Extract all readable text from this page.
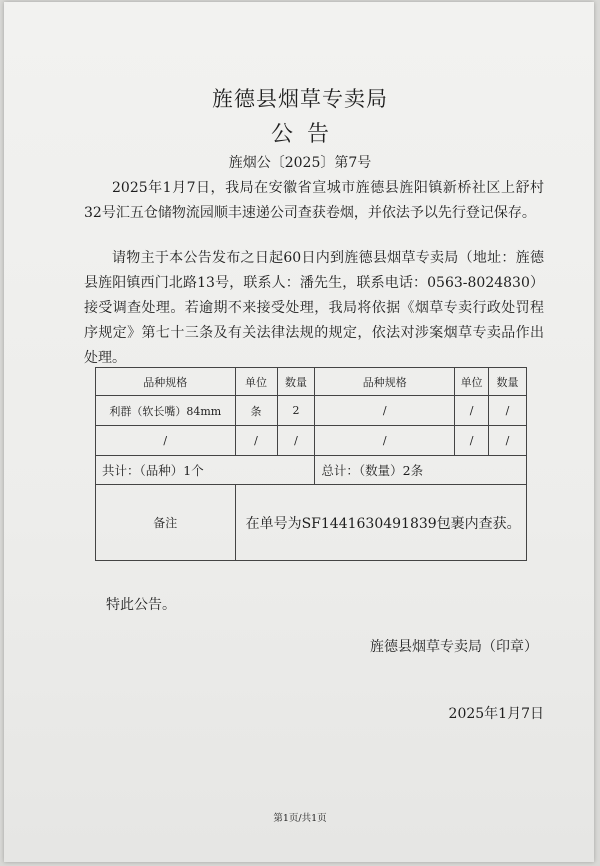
旌德县烟草专卖局
公告
旌烟公〔2025〕第7号
2025年1月7日，我局在安徽省宣城市旌德县旌阳镇新桥社区上舒村32号汇五仓储物流园顺丰速递公司查获卷烟，并依法予以先行登记保存。
请物主于本公告发布之日起60日内到旌德县烟草专卖局（地址：旌德县旌阳镇西门北路13号，联系人：潘先生，联系电话：0563-8024830）接受调查处理。若逾期不来接受处理，我局将依据《烟草专卖行政处罚程序规定》第七十三条及有关法律法规的规定，依法对涉案烟草专卖品作出处理。
品种规格	单位	数量	品种规格	单位	数量
利群（软长嘴）84mm	条	2	/	/	/
/	/	/	/	/	/
共计：（品种）1个			总计：（数量）2条		
备注	在单号为SF1441630491839包裹内查获。				
特此公告。
旌德县烟草专卖局（印章）
2025年1月7日
第1页/共1页
